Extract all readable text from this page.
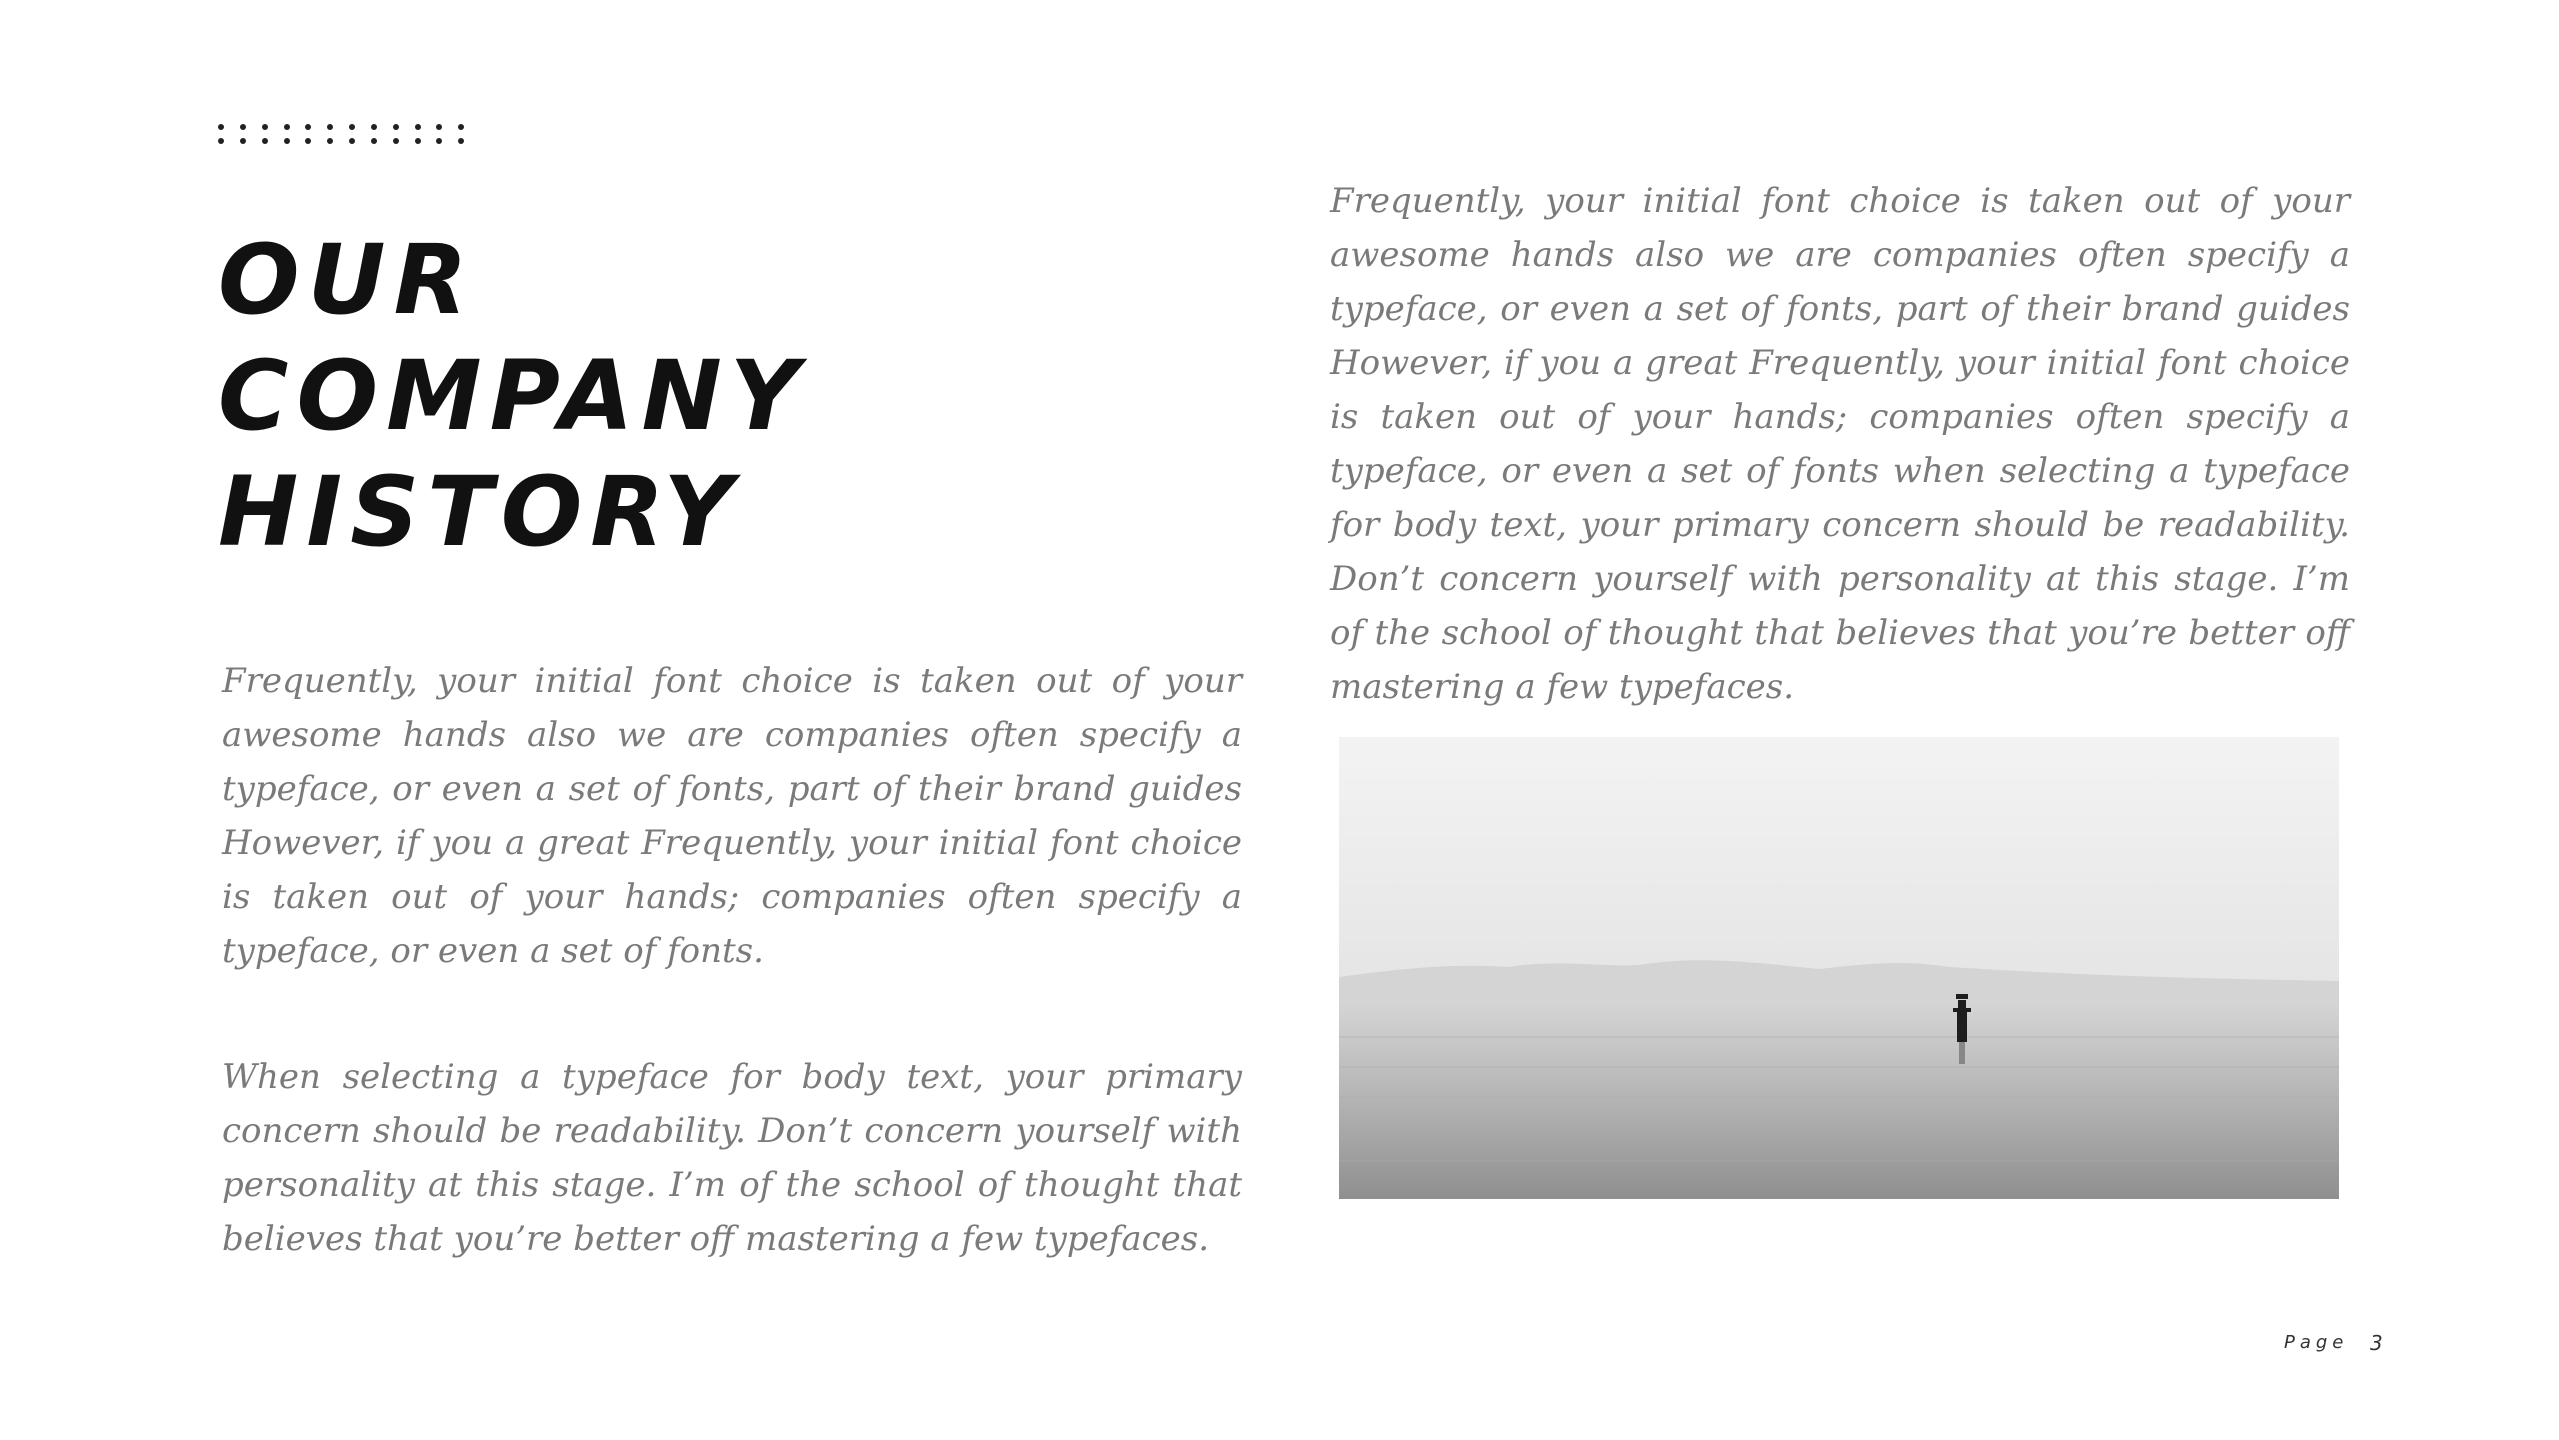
OUR
COMPANY
HISTORY

Frequently, your initial font choice is taken out of your awesome hands also we are companies often specify a typeface, or even a set of fonts, part of their brand guides However, if you a great Frequently, your initial font choice is taken out of your hands; companies often specify a typeface, or even a set of fonts.

When selecting a typeface for body text, your primary concern should be readability. Don’t concern yourself with personality at this stage. I’m of the school of thought that believes that you’re better off mastering a few typefaces.

Frequently, your initial font choice is taken out of your awesome hands also we are companies often specify a typeface, or even a set of fonts, part of their brand guides However, if you a great Frequently, your initial font choice is taken out of your hands; companies often specify a typeface, or even a set of fonts when selecting a typeface for body text, your primary concern should be readability. Don’t concern yourself with personality at this stage. I’m of the school of thought that believes that you’re better off mastering a few typefaces.

Page 3
